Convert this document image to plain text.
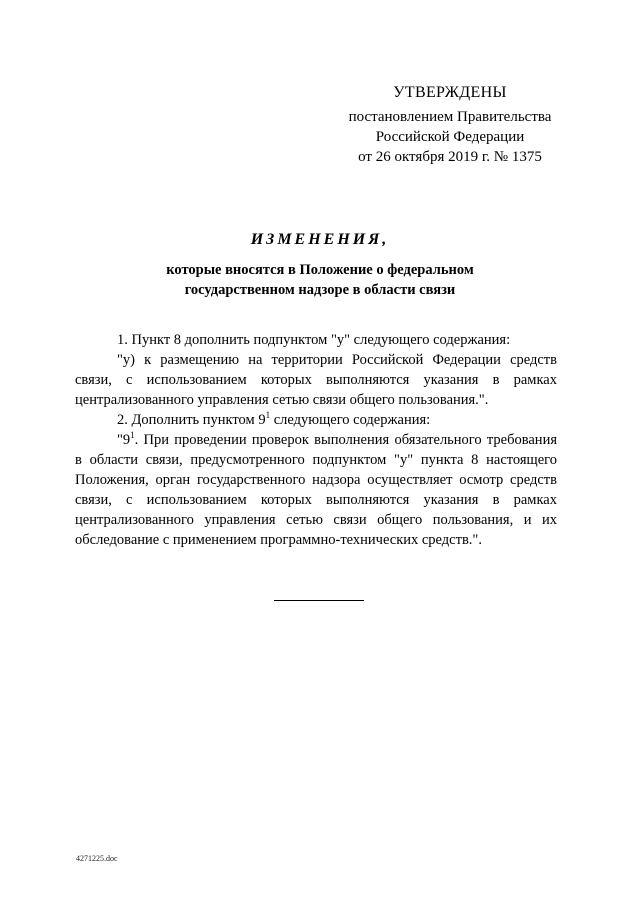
УТВЕРЖДЕНЫ
постановлением Правительства
Российской Федерации
от 26 октября 2019 г. № 1375
ИЗМЕНЕНИЯ,
которые вносятся в Положение о федеральном
государственном надзоре в области связи

1. Пункт 8 дополнить подпунктом "у" следующего содержания:

"у) к размещению на территории Российской Федерации средств связи, с использованием которых выполняются указания в рамках централизованного управления сетью связи общего пользования.".

2. Дополнить пунктом $9^1$ следующего содержания:

"$9^1$. При проведении проверок выполнения обязательного требования в области связи, предусмотренного подпунктом "у" пункта 8 настоящего Положения, орган государственного надзора осуществляет осмотр средств связи, с использованием которых выполняются указания в рамках централизованного управления сетью связи общего пользования, и их обследование с применением программно-технических средств.".

4271225.doc
